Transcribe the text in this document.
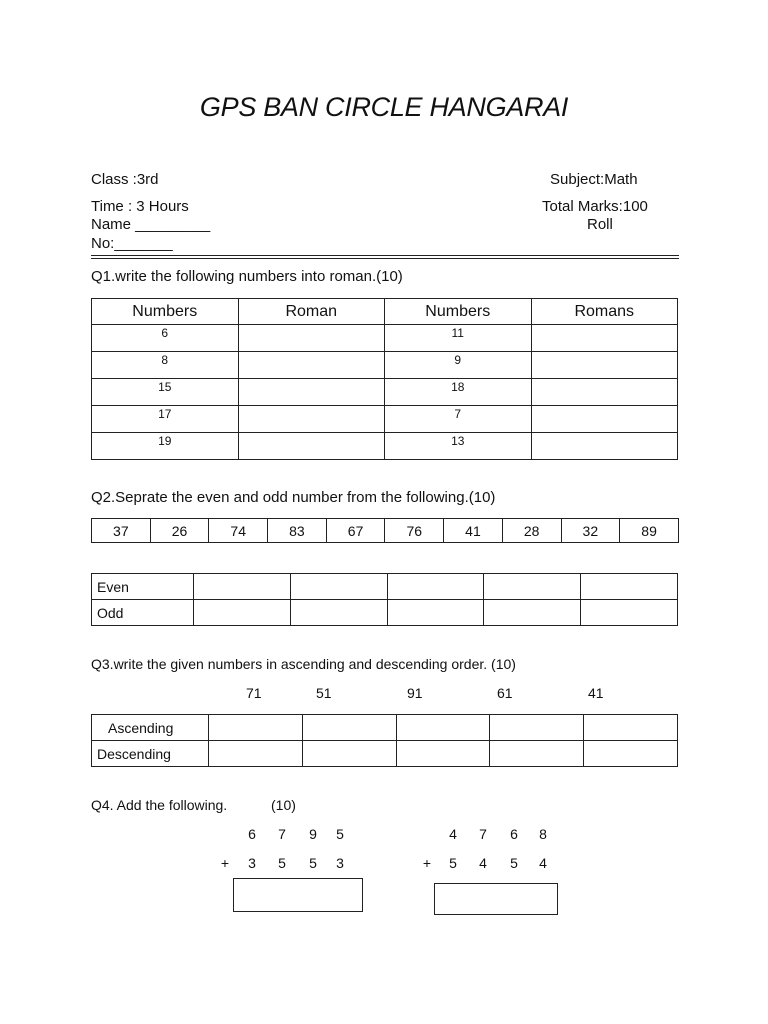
GPS BAN CIRCLE HANGARAI
Class :3rd	Subject:Math
Time : 3 Hours	Total Marks:100
Name _________	Roll
No:_______
Q1.write the following numbers into roman.(10)
Numbers	Roman	Numbers	Romans
6		11	
8		9	
15		18	
17		7	
19		13	
Q2.Seprate the even and odd number from the following.(10)
37	26	74	83	67	76	41	28	32	89
Even					
Odd					
Q3.write the given numbers in ascending and descending order. (10)
71	51	91	61	41
Ascending					
Descending					
Q4. Add the following.	(10)
6 7 9 5
+ 3 5 5 3
4 7 6 8
+ 5 4 5 4
